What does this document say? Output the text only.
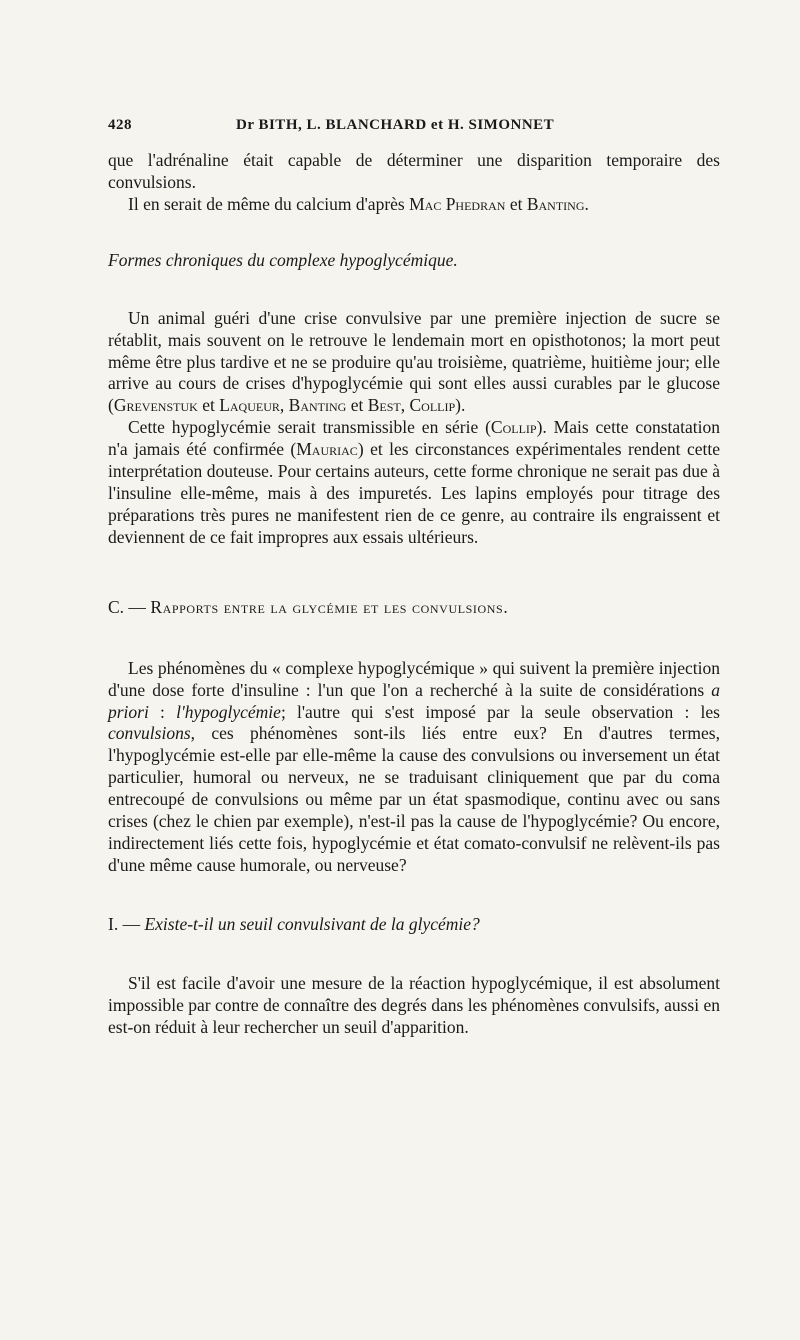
428	Dr BITH, L. BLANCHARD et H. SIMONNET

que l'adrénaline était capable de déterminer une disparition temporaire des convulsions.

Il en serait de même du calcium d'après Mac Phedran et Banting.

Formes chroniques du complexe hypoglycémique.

Un animal guéri d'une crise convulsive par une première injection de sucre se rétablit, mais souvent on le retrouve le lendemain mort en opisthotonos; la mort peut même être plus tardive et ne se produire qu'au troisième, quatrième, huitième jour; elle arrive au cours de crises d'hypoglycémie qui sont elles aussi curables par le glucose (Grevenstuk et Laqueur, Banting et Best, Collip).

Cette hypoglycémie serait transmissible en série (Collip). Mais cette constatation n'a jamais été confirmée (Mauriac) et les circonstances expérimentales rendent cette interprétation douteuse. Pour certains auteurs, cette forme chronique ne serait pas due à l'insuline elle-même, mais à des impuretés. Les lapins employés pour titrage des préparations très pures ne manifestent rien de ce genre, au contraire ils engraissent et deviennent de ce fait impropres aux essais ultérieurs.

C. — Rapports entre la glycémie et les convulsions.

Les phénomènes du « complexe hypoglycémique » qui suivent la première injection d'une dose forte d'insuline : l'un que l'on a recherché à la suite de considérations a priori : l'hypoglycémie; l'autre qui s'est imposé par la seule observation : les convulsions, ces phénomènes sont-ils liés entre eux? En d'autres termes, l'hypoglycémie est-elle par elle-même la cause des convulsions ou inversement un état particulier, humoral ou nerveux, ne se traduisant cliniquement que par du coma entrecoupé de convulsions ou même par un état spasmodique, continu avec ou sans crises (chez le chien par exemple), n'est-il pas la cause de l'hypoglycémie? Ou encore, indirectement liés cette fois, hypoglycémie et état comato-convulsif ne relèvent-ils pas d'une même cause humorale, ou nerveuse?

I. — Existe-t-il un seuil convulsivant de la glycémie?

S'il est facile d'avoir une mesure de la réaction hypoglycémique, il est absolument impossible par contre de connaître des degrés dans les phénomènes convulsifs, aussi en est-on réduit à leur rechercher un seuil d'apparition.
